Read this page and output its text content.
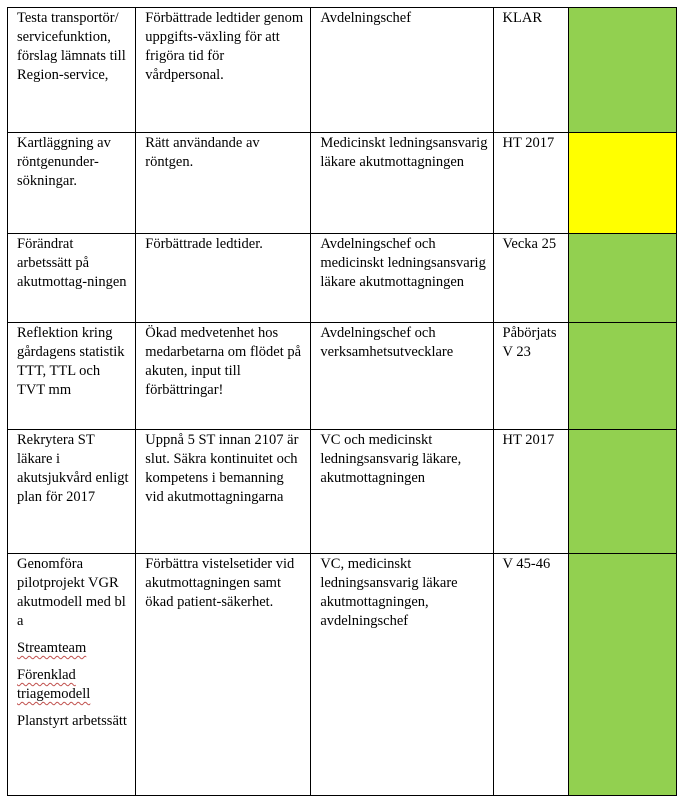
Testa transportör/ servicefunktion, förslag lämnats till Region-service,	Förbättrade ledtider genom uppgifts-växling för att frigöra tid för vårdpersonal.	Avdelningschef	KLAR	

Kartläggning av röntgenunder-sökningar.	Rätt användande av röntgen.	Medicinskt ledningsansvarig läkare akutmottagningen	HT 2017	

Förändrat arbetssätt på akutmottag-ningen	Förbättrade ledtider.	Avdelningschef och medicinskt ledningsansvarig läkare akutmottagningen	Vecka 25	

Reflektion kring gårdagens statistik TTT, TTL och TVT mm	Ökad medvetenhet hos medarbetarna om flödet på akuten, input till förbättringar!	Avdelningschef och verksamhetsutvecklare	Påbörjats V 23	

Rekrytera ST läkare i akutsjukvård enligt plan för 2017	Uppnå 5 ST innan 2107 är slut. Säkra kontinuitet och kompetens i bemanning vid akutmottagningarna	VC och medicinskt ledningsansvarig läkare, akutmottagningen	HT 2017	

Genomföra pilotprojekt VGR akutmodell med bl a

Streamteam

Förenklad triagemodell

Planstyrt arbetssätt	Förbättra vistelsetider vid akutmottagningen samt ökad patient-säkerhet.	VC, medicinskt ledningsansvarig läkare akutmottagningen, avdelningschef	V 45-46	
